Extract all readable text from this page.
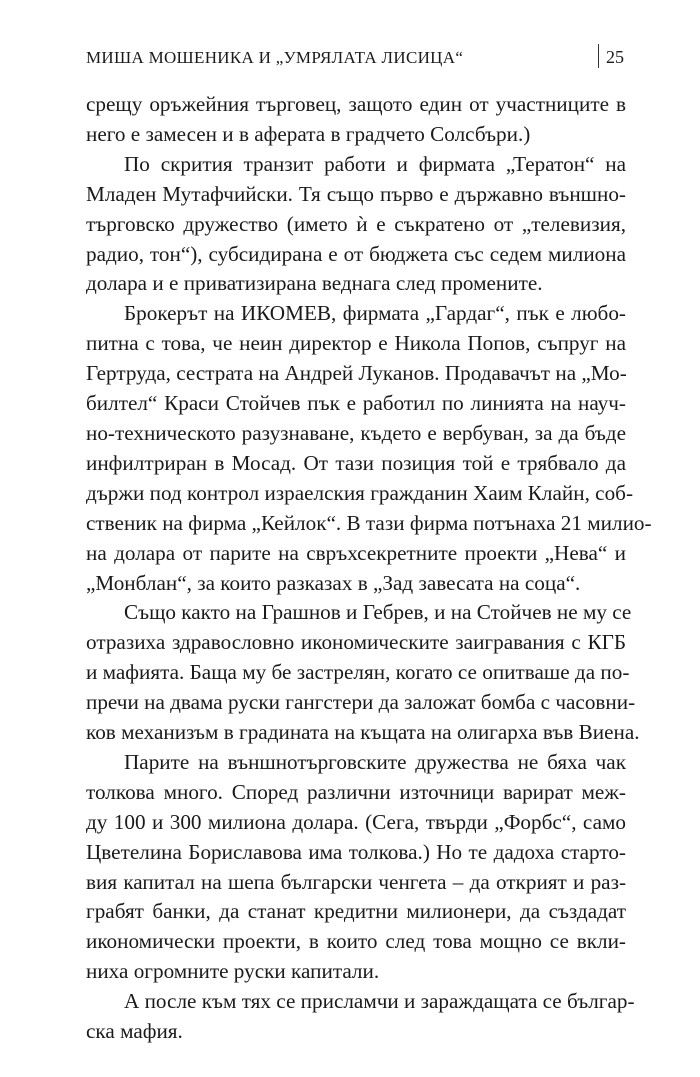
МИША МОШЕНИКА И „УМРЯЛАТА ЛИСИЦА“	25

срещу оръжейния търговец, защото един от участниците в
него е замесен и в аферата в градчето Солсбъри.)

По скрития транзит работи и фирмата „Тератон“ на
Младен Мутафчийски. Тя също първо е държавно външно-
търговско дружество (името ѝ е съкратено от „телевизия,
радио, тон“), субсидирана е от бюджета със седем милиона
долара и е приватизирана веднага след промените.

Брокерът на ИКОМЕВ, фирмата „Гардаг“, пък е любо-
питна с това, че неин директор е Никола Попов, съпруг на
Гертруда, сестрата на Андрей Луканов. Продавачът на „Мо-
билтел“ Краси Стойчев пък е работил по линията на науч-
но-техническото разузнаване, където е вербуван, за да бъде
инфилтриран в Мосад. От тази позиция той е трябвало да
държи под контрол израелския гражданин Хаим Клайн, соб-
ственик на фирма „Кейлок“. В тази фирма потънаха 21 милио-
на долара от парите на свръхсекретните проекти „Нева“ и
„Монблан“, за които разказах в „Зад завесата на соца“.

Също както на Грашнов и Гебрев, и на Стойчев не му се
отразиха здравословно икономическите заигравания с КГБ
и мафията. Баща му бе застрелян, когато се опитваше да по-
пречи на двама руски гангстери да заложат бомба с часовни-
ков механизъм в градината на къщата на олигарха във Виена.

Парите на външнотърговските дружества не бяха чак
толкова много. Според различни източници варират меж-
ду 100 и 300 милиона долара. (Сега, твърди „Форбс“, само
Цветелина Бориславова има толкова.) Но те дадоха старто-
вия капитал на шепа български ченгета – да открият и раз-
грабят банки, да станат кредитни милионери, да създадат
икономически проекти, в които след това мощно се вкли-
ниха огромните руски капитали.

А после към тях се присламчи и зараждащата се българ-
ска мафия.
